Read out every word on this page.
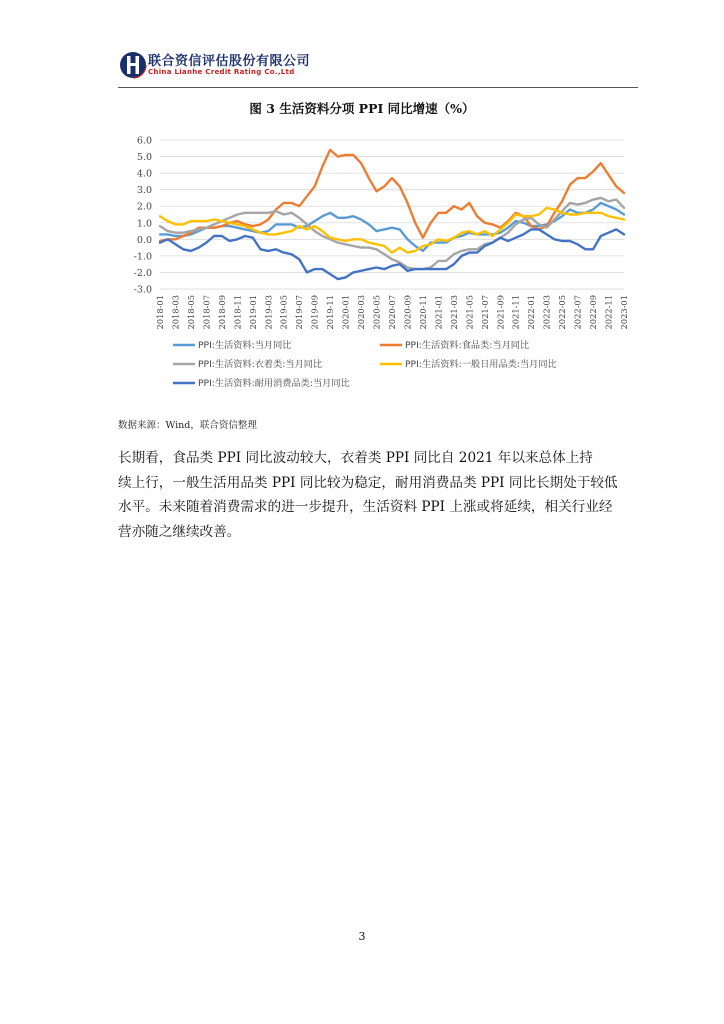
联合资信评估股份有限公司
China Lianhe Credit Rating Co.,Ltd
图 3 生活资料分项 PPI 同比增速（%）
6.0
5.0
4.0
3.0
2.0
1.0
0.0
-1.0
-2.0
-3.0
2018-01 2018-03 2018-05 2018-07 2018-09 2018-11 2019-01 2019-03 2019-05 2019-07 2019-09 2019-11 2020-01 2020-03 2020-05 2020-07 2020-09 2020-11 2021-01 2021-03 2021-05 2021-07 2021-09 2021-11 2022-01 2022-03 2022-05 2022-07 2022-09 2022-11 2023-01
PPI:生活资料:当月同比	PPI:生活资料:食品类:当月同比
PPI:生活资料:衣着类:当月同比	PPI:生活资料:一般日用品类:当月同比
PPI:生活资料:耐用消费品类:当月同比
数据来源：Wind，联合资信整理
长期看，食品类 PPI 同比波动较大，衣着类 PPI 同比自 2021 年以来总体上持
续上行，一般生活用品类 PPI 同比较为稳定，耐用消费品类 PPI 同比长期处于较低
水平。未来随着消费需求的进一步提升，生活资料 PPI 上涨或将延续，相关行业经
营亦随之继续改善。
3
